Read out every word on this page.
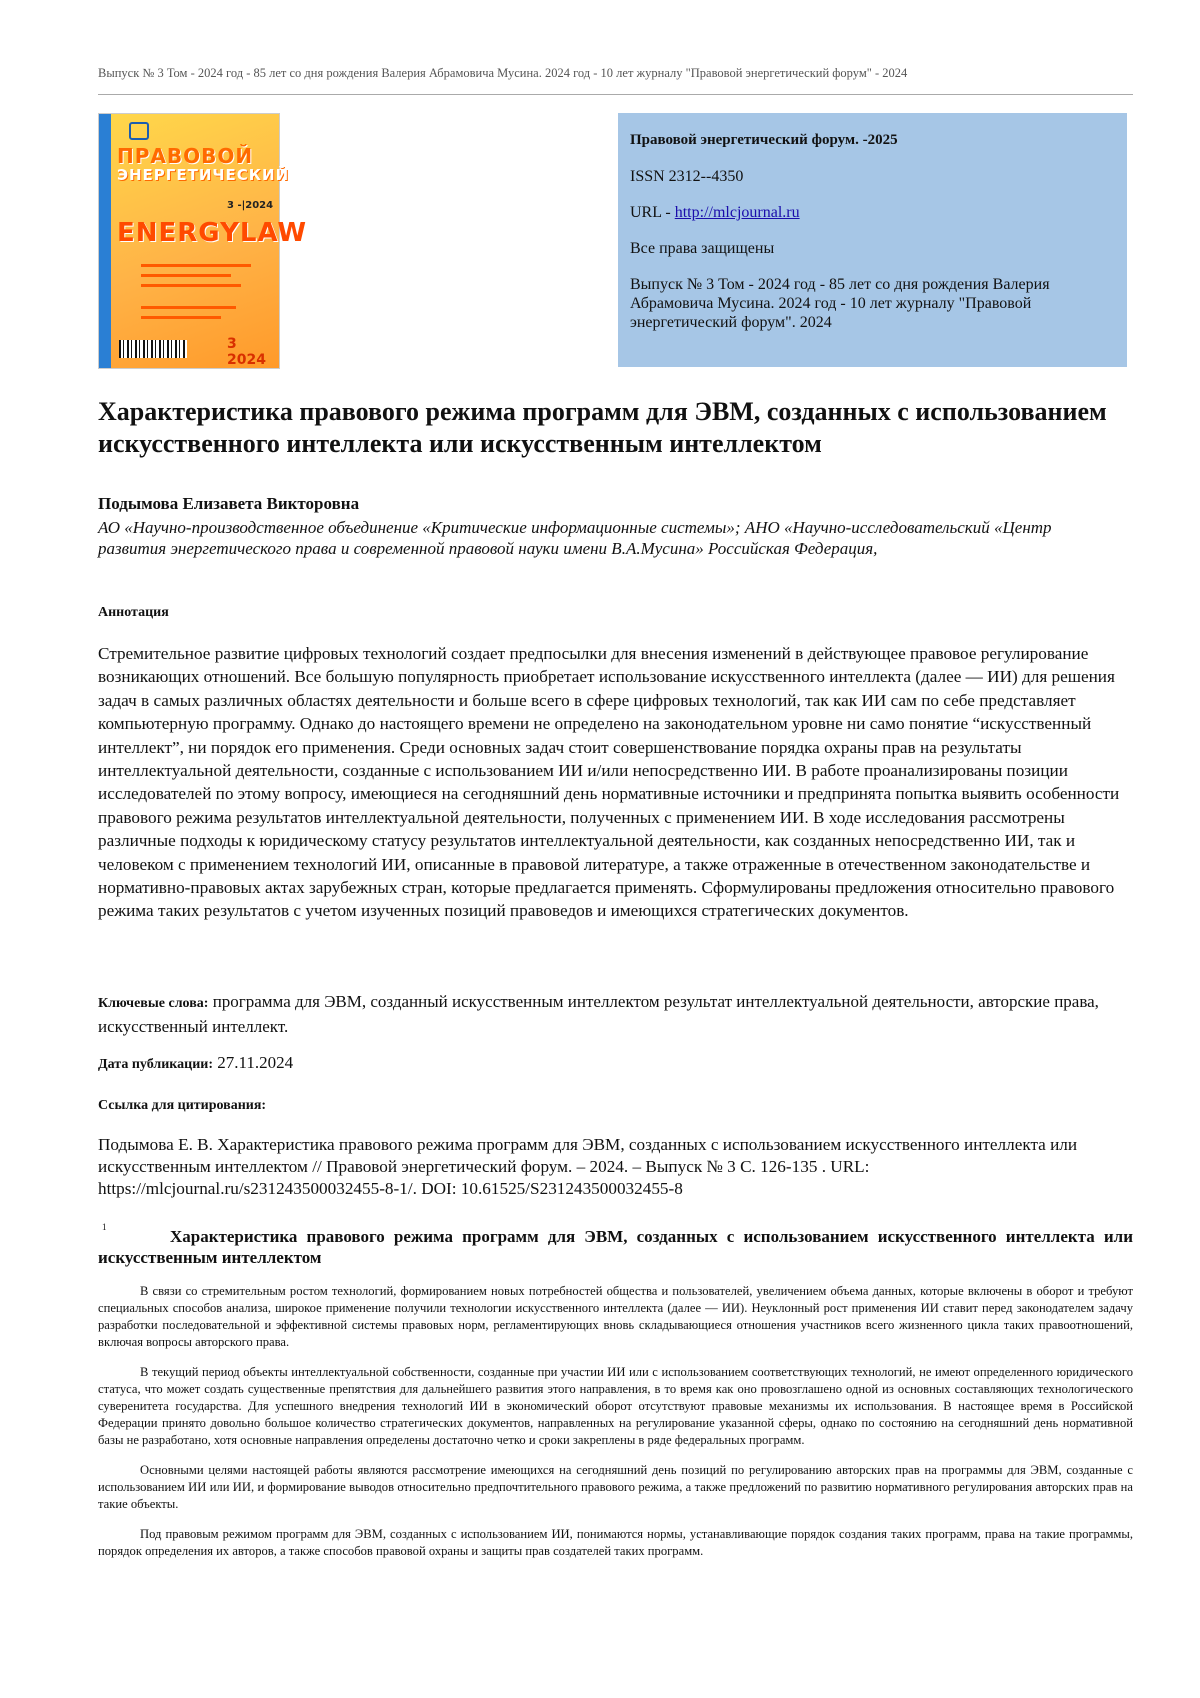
Выпуск № 3 Том - 2024 год - 85 лет со дня рождения Валерия Абрамовича Мусина. 2024 год - 10 лет журналу "Правовой энергетический форум" - 2024
ПРАВОВОЙ
ЭНЕРГЕТИЧЕСКИЙ
3 -|2024
ENERGYLAW
3 2024

Правовой энергетический форум. -2025

ISSN 2312--4350

URL - http://mlcjournal.ru

Все права защищены

Выпуск № 3 Том - 2024 год - 85 лет со дня рождения Валерия Абрамовича Мусина. 2024 год - 10 лет журналу "Правовой энергетический форум". 2024

Характеристика правового режима программ для ЭВМ, созданных с использованием искусственного интеллекта или искусственным интеллектом
Подымова Елизавета Викторовна
АО «Научно-производственное объединение «Критические информационные системы»; АНО «Научно-исследовательский «Центр развития энергетического права и современной правовой науки имени В.А.Мусина» Российская Федерация,
Аннотация
Стремительное развитие цифровых технологий создает предпосылки для внесения изменений в действующее правовое регулирование возникающих отношений. Все большую популярность приобретает использование искусственного интеллекта (далее — ИИ) для решения задач в самых различных областях деятельности и больше всего в сфере цифровых технологий, так как ИИ сам по себе представляет компьютерную программу. Однако до настоящего времени не определено на законодательном уровне ни само понятие “искусственный интеллект”, ни порядок его применения. Среди основных задач стоит совершенствование порядка охраны прав на результаты интеллектуальной деятельности, созданные с использованием ИИ и/или непосредственно ИИ. В работе проанализированы позиции исследователей по этому вопросу, имеющиеся на сегодняшний день нормативные источники и предпринята попытка выявить особенности правового режима результатов интеллектуальной деятельности, полученных с применением ИИ. В ходе исследования рассмотрены различные подходы к юридическому статусу результатов интеллектуальной деятельности, как созданных непосредственно ИИ, так и человеком с применением технологий ИИ, описанные в правовой литературе, а также отраженные в отечественном законодательстве и нормативно-правовых актах зарубежных стран, которые предлагается применять. Сформулированы предложения относительно правового режима таких результатов с учетом изученных позиций правоведов и имеющихся стратегических документов.
Ключевые слова: программа для ЭВМ, созданный искусственным интеллектом результат интеллектуальной деятельности, авторские права, искусственный интеллект.
Дата публикации: 27.11.2024
Ссылка для цитирования:
Подымова Е. В. Характеристика правового режима программ для ЭВМ, созданных с использованием искусственного интеллекта или искусственным интеллектом // Правовой энергетический форум. – 2024. – Выпуск № 3 С. 126-135 . URL: https://mlcjournal.ru/s231243500032455-8-1/. DOI: 10.61525/S231243500032455-8
1	Характеристика правового режима программ для ЭВМ, созданных с использованием искусственного интеллекта или искусственным интеллектом

В связи со стремительным ростом технологий, формированием новых потребностей общества и пользователей, увеличением объема данных, которые включены в оборот и требуют специальных способов анализа, широкое применение получили технологии искусственного интеллекта (далее — ИИ). Неуклонный рост применения ИИ ставит перед законодателем задачу разработки последовательной и эффективной системы правовых норм, регламентирующих вновь складывающиеся отношения участников всего жизненного цикла таких правоотношений, включая вопросы авторского права.

В текущий период объекты интеллектуальной собственности, созданные при участии ИИ или с использованием соответствующих технологий, не имеют определенного юридического статуса, что может создать существенные препятствия для дальнейшего развития этого направления, в то время как оно провозглашено одной из основных составляющих технологического суверенитета государства. Для успешного внедрения технологий ИИ в экономический оборот отсутствуют правовые механизмы их использования. В настоящее время в Российской Федерации принято довольно большое количество стратегических документов, направленных на регулирование указанной сферы, однако по состоянию на сегодняшний день нормативной базы не разработано, хотя основные направления определены достаточно четко и сроки закреплены в ряде федеральных программ.

Основными целями настоящей работы являются рассмотрение имеющихся на сегодняшний день позиций по регулированию авторских прав на программы для ЭВМ, созданные с использованием ИИ или ИИ, и формирование выводов относительно предпочтительного правового режима, а также предложений по развитию нормативного регулирования авторских прав на такие объекты.

Под правовым режимом программ для ЭВМ, созданных с использованием ИИ, понимаются нормы, устанавливающие порядок создания таких программ, права на такие программы, порядок определения их авторов, а также способов правовой охраны и защиты прав создателей таких программ.
